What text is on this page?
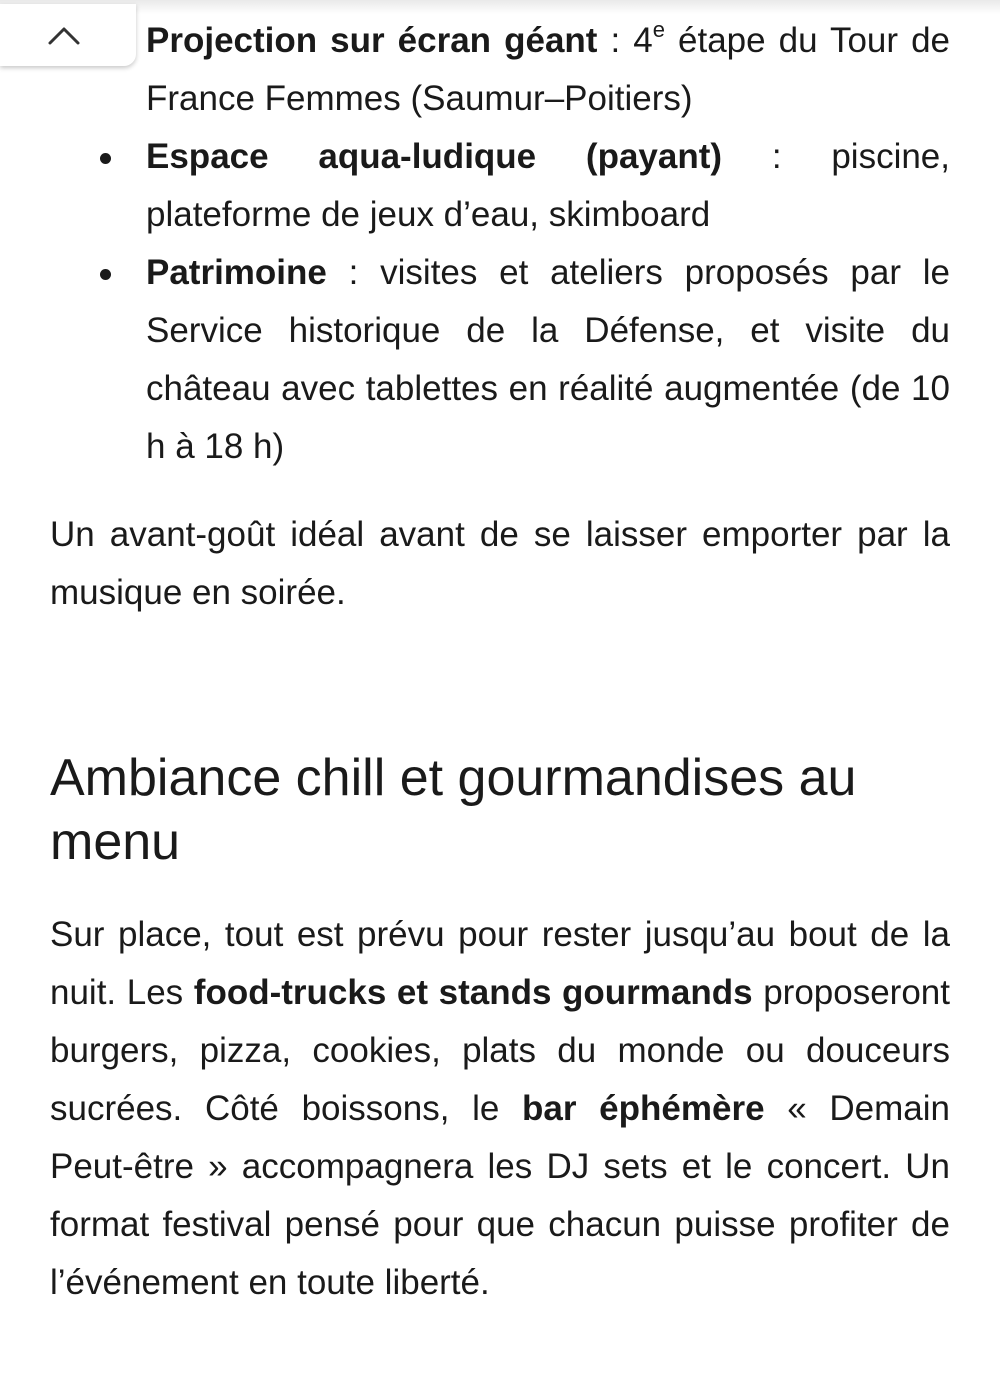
Projection sur écran géant : 4e étape du Tour de France Femmes (Saumur–Poitiers)
Espace aqua-ludique (payant) : piscine, plateforme de jeux d’eau, skimboard
Patrimoine : visites et ateliers proposés par le Service historique de la Défense, et visite du château avec tablettes en réalité augmentée (de 10 h à 18 h)

Un avant-goût idéal avant de se laisser emporter par la musique en soirée.

Ambiance chill et gourmandises au menu

Sur place, tout est prévu pour rester jusqu’au bout de la nuit. Les food-trucks et stands gourmands proposeront burgers, pizza, cookies, plats du monde ou douceurs sucrées. Côté boissons, le bar éphémère « Demain Peut-être » accompagnera les DJ sets et le concert. Un format festival pensé pour que chacun puisse profiter de l’événement en toute liberté.
